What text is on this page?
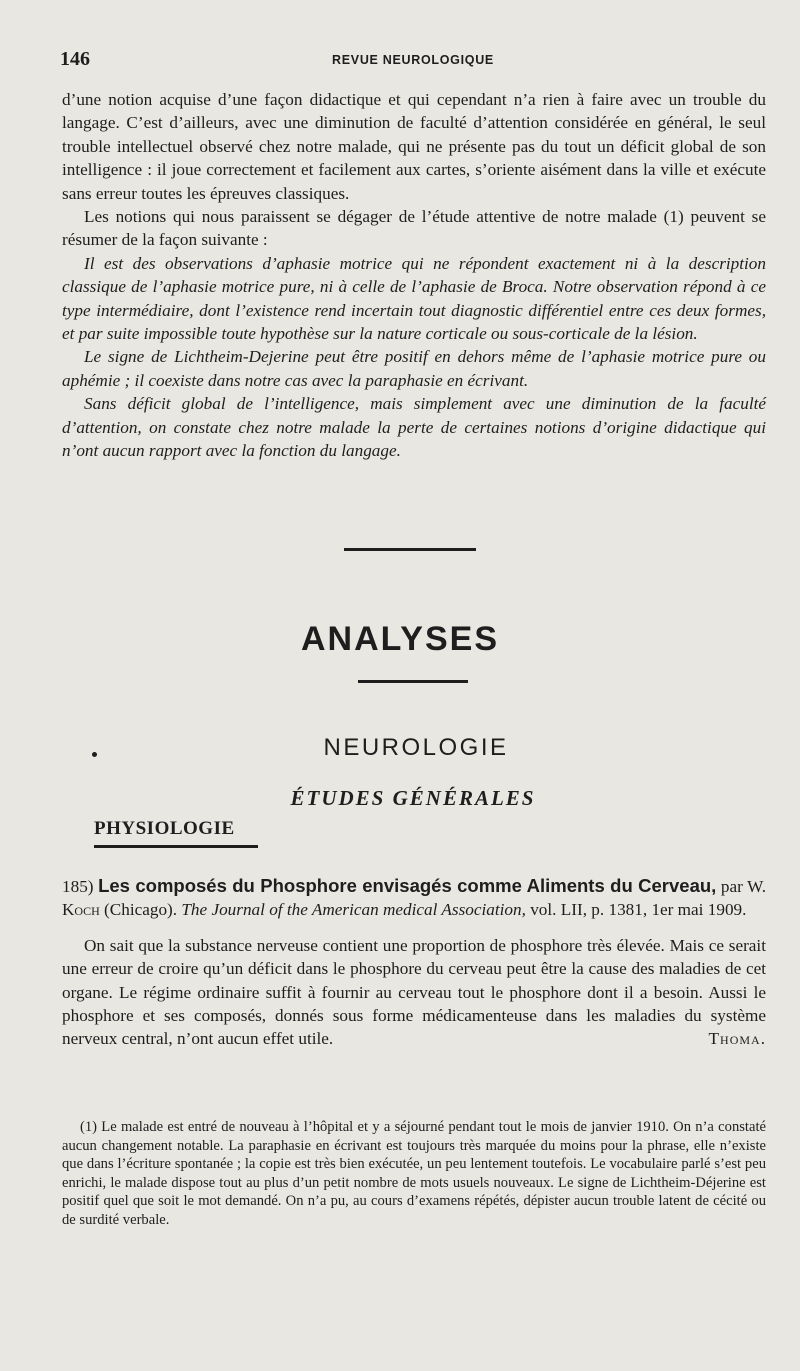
146	REVUE NEUROLOGIQUE

d’une notion acquise d’une façon didactique et qui cependant n’a rien à faire avec un trouble du langage. C’est d’ailleurs, avec une diminution de faculté d’attention considérée en général, le seul trouble intellectuel observé chez notre malade, qui ne présente pas du tout un déficit global de son intelligence : il joue correctement et facilement aux cartes, s’oriente aisément dans la ville et exécute sans erreur toutes les épreuves classiques.

Les notions qui nous paraissent se dégager de l’étude attentive de notre malade (1) peuvent se résumer de la façon suivante :

Il est des observations d’aphasie motrice qui ne répondent exactement ni à la description classique de l’aphasie motrice pure, ni à celle de l’aphasie de Broca. Notre observation répond à ce type intermédiaire, dont l’existence rend incertain tout diagnostic différentiel entre ces deux formes, et par suite impossible toute hypothèse sur la nature corticale ou sous-corticale de la lésion.

Le signe de Lichtheim-Dejerine peut être positif en dehors même de l’aphasie motrice pure ou aphémie ; il coexiste dans notre cas avec la paraphasie en écrivant.

Sans déficit global de l’intelligence, mais simplement avec une diminution de la faculté d’attention, on constate chez notre malade la perte de certaines notions d’origine didactique qui n’ont aucun rapport avec la fonction du langage.

ANALYSES
NEUROLOGIE
ÉTUDES GÉNÉRALES
PHYSIOLOGIE
185) Les composés du Phosphore envisagés comme Aliments du Cerveau, par W. Koch (Chicago). The Journal of the American medical Association, vol. LII, p. 1381, 1er mai 1909.

On sait que la substance nerveuse contient une proportion de phosphore très élevée. Mais ce serait une erreur de croire qu’un déficit dans le phosphore du cerveau peut être la cause des maladies de cet organe. Le régime ordinaire suffit à fournir au cerveau tout le phosphore dont il a besoin. Aussi le phosphore et ses composés, donnés sous forme médicamenteuse dans les maladies du système nerveux central, n’ont aucun effet utile.	Thoma.

(1) Le malade est entré de nouveau à l’hôpital et y a séjourné pendant tout le mois de janvier 1910. On n’a constaté aucun changement notable. La paraphasie en écrivant est toujours très marquée du moins pour la phrase, elle n’existe que dans l’écriture spontanée ; la copie est très bien exécutée, un peu lentement toutefois. Le vocabulaire parlé s’est peu enrichi, le malade dispose tout au plus d’un petit nombre de mots usuels nouveaux. Le signe de Lichtheim-Déjerine est positif quel que soit le mot demandé. On n’a pu, au cours d’examens répétés, dépister aucun trouble latent de cécité ou de surdité verbale.
